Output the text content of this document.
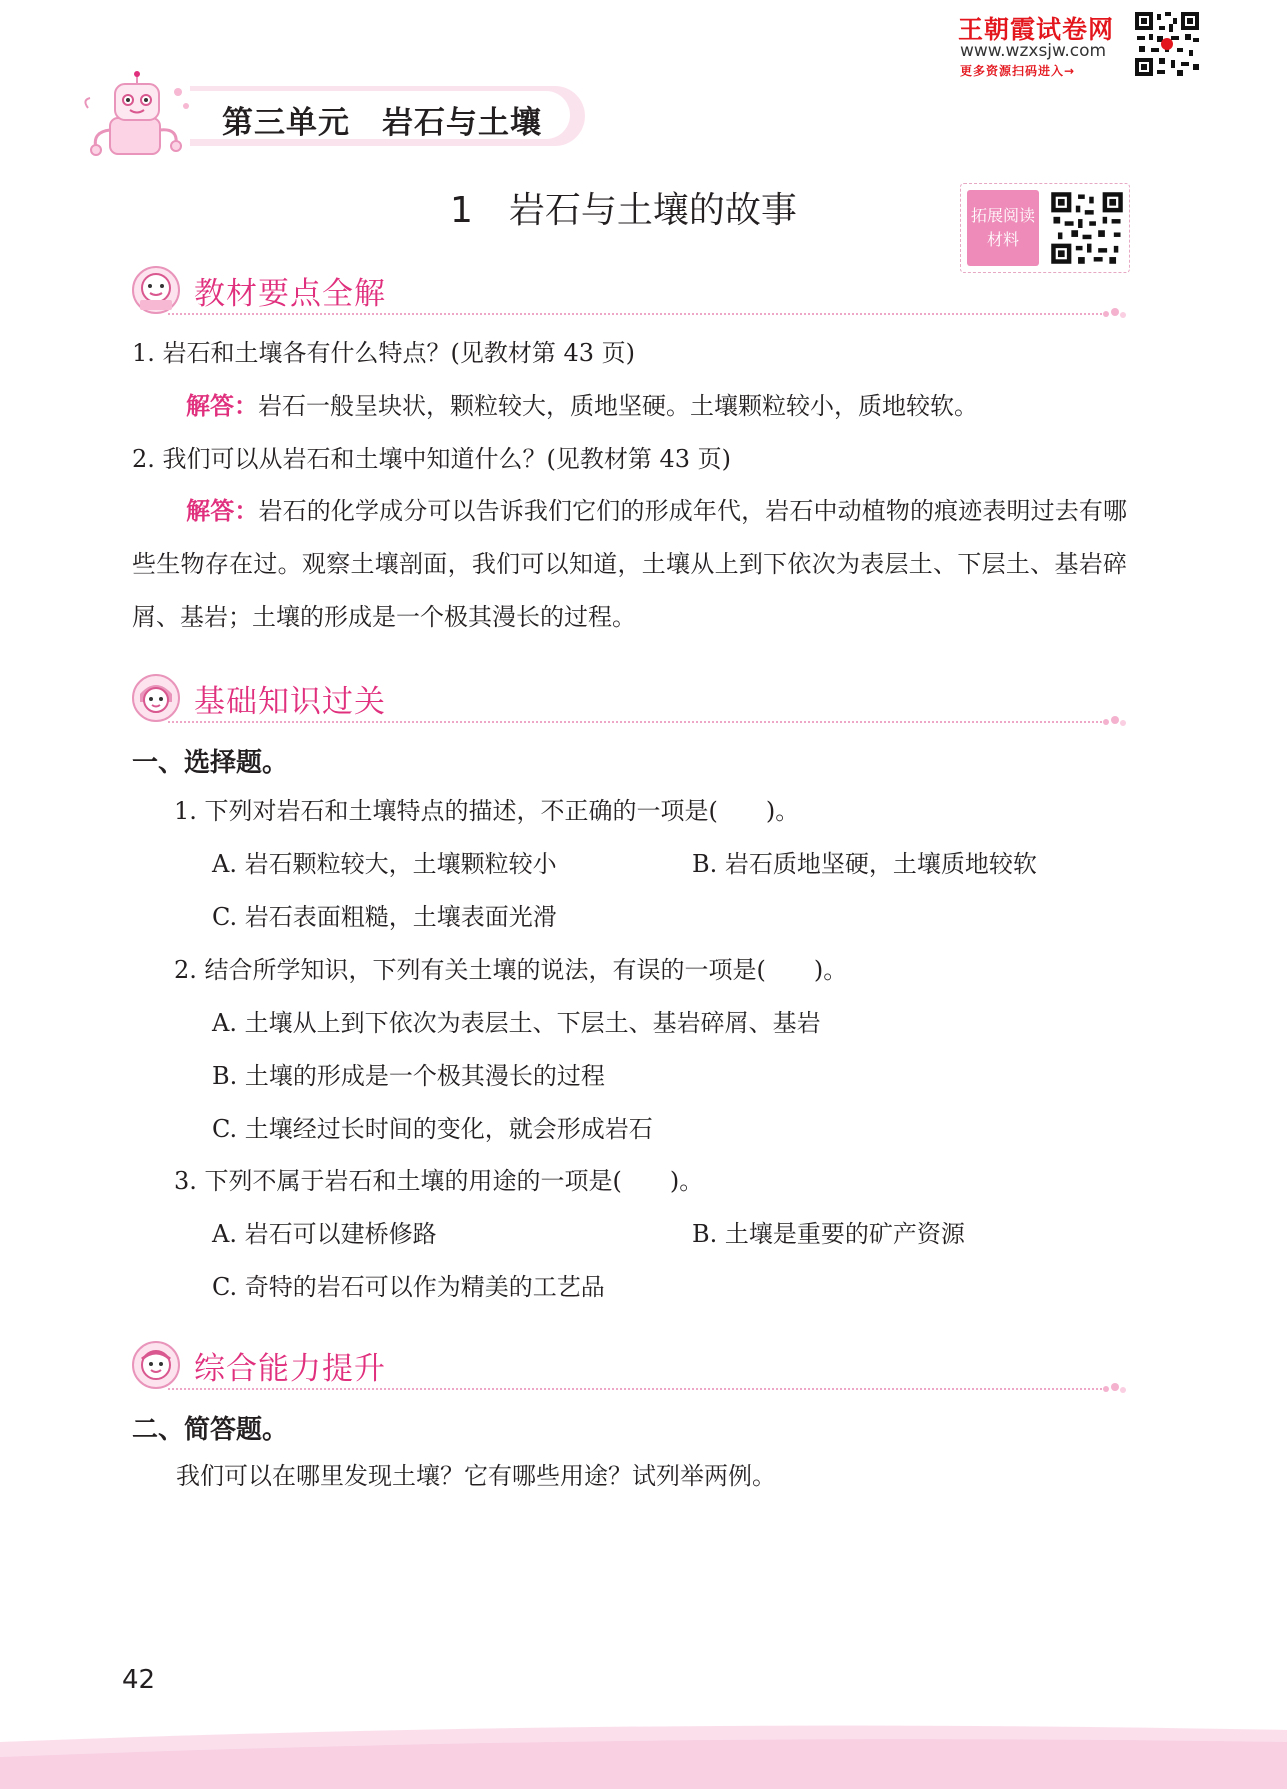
王朝霞试卷网
www.wzxsjw.com
更多资源扫码进入→
第三单元　岩石与土壤
1　岩石与土壤的故事	拓展阅读
材料
教材要点全解
1. 岩石和土壤各有什么特点？(见教材第 43 页)
解答：岩石一般呈块状，颗粒较大，质地坚硬。土壤颗粒较小，质地较软。
2. 我们可以从岩石和土壤中知道什么？(见教材第 43 页)
解答：岩石的化学成分可以告诉我们它们的形成年代，岩石中动植物的痕迹表明过去有哪些生物存在过。观察土壤剖面，我们可以知道，土壤从上到下依次为表层土、下层土、基岩碎屑、基岩；土壤的形成是一个极其漫长的过程。
基础知识过关
一、选择题。
1. 下列对岩石和土壤特点的描述，不正确的一项是(　　)。
A. 岩石颗粒较大，土壤颗粒较小	B. 岩石质地坚硬，土壤质地较软
C. 岩石表面粗糙，土壤表面光滑
2. 结合所学知识，下列有关土壤的说法，有误的一项是(　　)。
A. 土壤从上到下依次为表层土、下层土、基岩碎屑、基岩
B. 土壤的形成是一个极其漫长的过程
C. 土壤经过长时间的变化，就会形成岩石
3. 下列不属于岩石和土壤的用途的一项是(　　)。
A. 岩石可以建桥修路	B. 土壤是重要的矿产资源
C. 奇特的岩石可以作为精美的工艺品
综合能力提升
二、简答题。
我们可以在哪里发现土壤？它有哪些用途？试列举两例。
42
